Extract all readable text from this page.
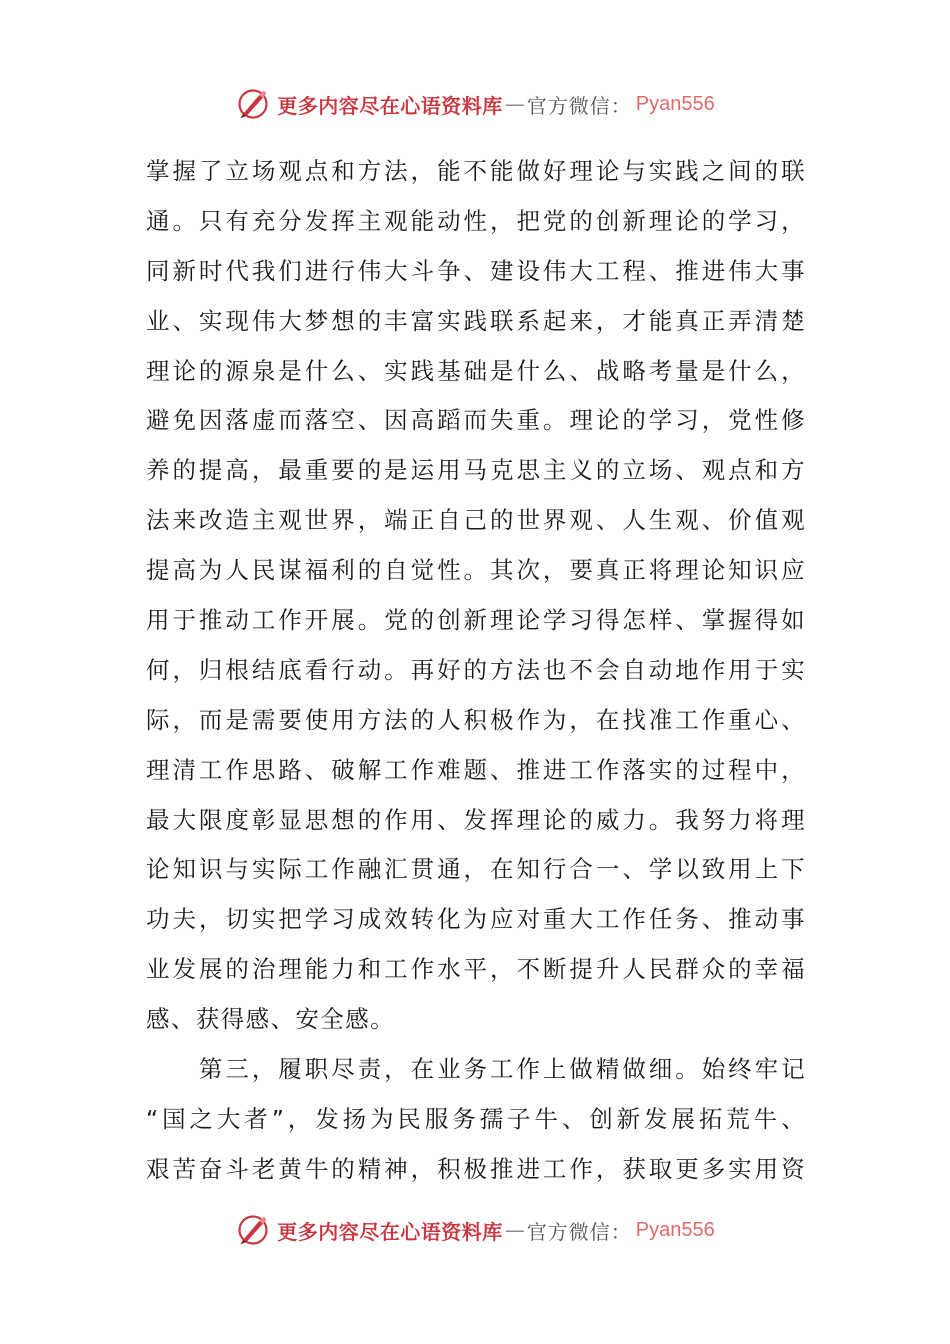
更多内容尽在心语资料库 — 官方微信： Pyan556
掌握了立场观点和方法，能不能做好理论与实践之间的联
通。只有充分发挥主观能动性，把党的创新理论的学习，
同新时代我们进行伟大斗争、建设伟大工程、推进伟大事
业、实现伟大梦想的丰富实践联系起来，才能真正弄清楚
理论的源泉是什么、实践基础是什么、战略考量是什么，
避免因落虚而落空、因高蹈而失重。理论的学习，党性修
养的提高，最重要的是运用马克思主义的立场、观点和方
法来改造主观世界，端正自己的世界观、人生观、价值观
提高为人民谋福利的自觉性。其次，要真正将理论知识应
用于推动工作开展。党的创新理论学习得怎样、掌握得如
何，归根结底看行动。再好的方法也不会自动地作用于实
际，而是需要使用方法的人积极作为，在找准工作重心、
理清工作思路、破解工作难题、推进工作落实的过程中，
最大限度彰显思想的作用、发挥理论的威力。我努力将理
论知识与实际工作融汇贯通，在知行合一、学以致用上下
功夫，切实把学习成效转化为应对重大工作任务、推动事
业发展的治理能力和工作水平，不断提升人民群众的幸福
感、获得感、安全感。
　　第三，履职尽责，在业务工作上做精做细。始终牢记
“国之大者”，发扬为民服务孺子牛、创新发展拓荒牛、
艰苦奋斗老黄牛的精神，积极推进工作，获取更多实用资
更多内容尽在心语资料库 — 官方微信： Pyan556
